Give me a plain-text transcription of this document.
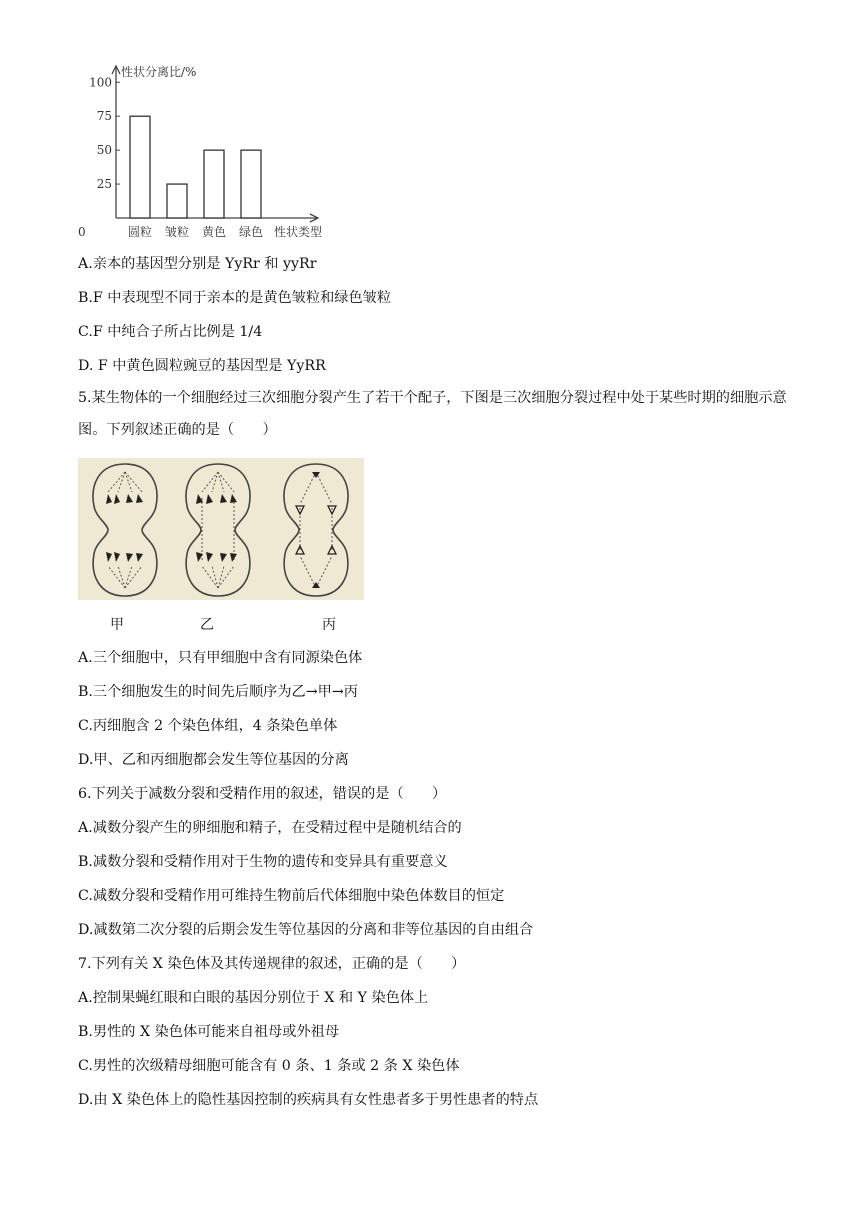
性状分离比/%
0
25
50
75
100
圆粒 皱粒 黄色 绿色 性状类型
A.亲本的基因型分别是 YyRr 和 yyRr
B.F 中表现型不同于亲本的是黄色皱粒和绿色皱粒
C.F 中纯合子所占比例是 1/4
D. F 中黄色圆粒豌豆的基因型是 YyRR
5.某生物体的一个细胞经过三次细胞分裂产生了若干个配子，下图是三次细胞分裂过程中处于某些时期的细胞示意图。下列叙述正确的是（　　）
甲	乙	丙
A.三个细胞中，只有甲细胞中含有同源染色体
B.三个细胞发生的时间先后顺序为乙→甲→丙
C.丙细胞含 2 个染色体组，4 条染色单体
D.甲、乙和丙细胞都会发生等位基因的分离
6.下列关于减数分裂和受精作用的叙述，错误的是（　　）
A.减数分裂产生的卵细胞和精子，在受精过程中是随机结合的
B.减数分裂和受精作用对于生物的遗传和变异具有重要意义
C.减数分裂和受精作用可维持生物前后代体细胞中染色体数目的恒定
D.减数第二次分裂的后期会发生等位基因的分离和非等位基因的自由组合
7.下列有关 X 染色体及其传递规律的叙述，正确的是（　　）
A.控制果蝇红眼和白眼的基因分别位于 X 和 Y 染色体上
B.男性的 X 染色体可能来自祖母或外祖母
C.男性的次级精母细胞可能含有 0 条、1 条或 2 条 X 染色体
D.由 X 染色体上的隐性基因控制的疾病具有女性患者多于男性患者的特点
